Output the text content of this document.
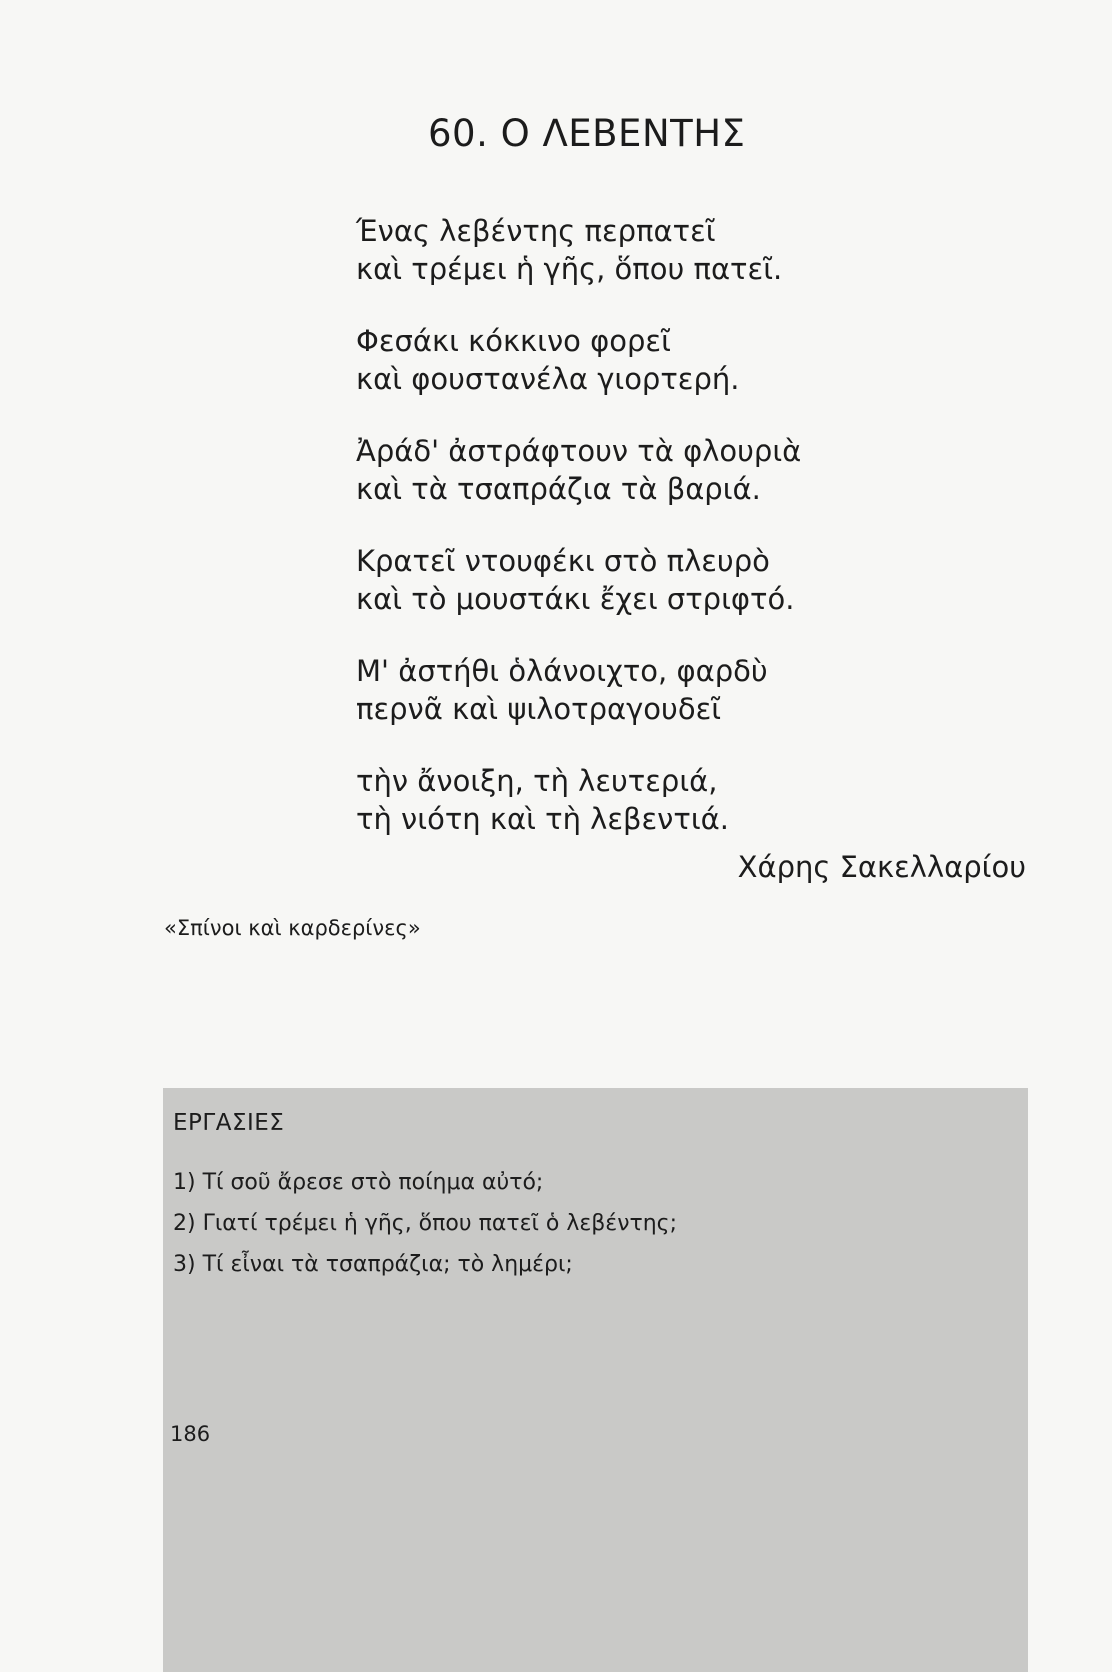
60. Ο ΛΕΒΕΝΤΗΣ
Ένας λεβέντης περπατεῖ
καὶ τρέμει ἡ γῆς, ὅπου πατεῖ.
Φεσάκι κόκκινο φορεῖ
καὶ φουστανέλα γιορτερή.
Ἀράδ' ἀστράφτουν τὰ φλουριὰ
καὶ τὰ τσαπράζια τὰ βαριά.
Κρατεῖ ντουφέκι στὸ πλευρὸ
καὶ τὸ μουστάκι ἔχει στριφτό.
Μ' ἀστήθι ὁλάνοιχτο, φαρδὺ
περνᾶ καὶ ψιλοτραγουδεῖ
τὴν ἄνοιξη, τὴ λευτεριά,
τὴ νιότη καὶ τὴ λεβεντιά.
Χάρης Σακελλαρίου
«Σπίνοι καὶ καρδερίνες»
ΕΡΓΑΣΙΕΣ
1) Τί σοῦ ἄρεσε στὸ ποίημα αὐτό;
2) Γιατί τρέμει ἡ γῆς, ὅπου πατεῖ ὁ λεβέντης;
3) Τί εἶναι τὰ τσαπράζια; τὸ λημέρι;
186
